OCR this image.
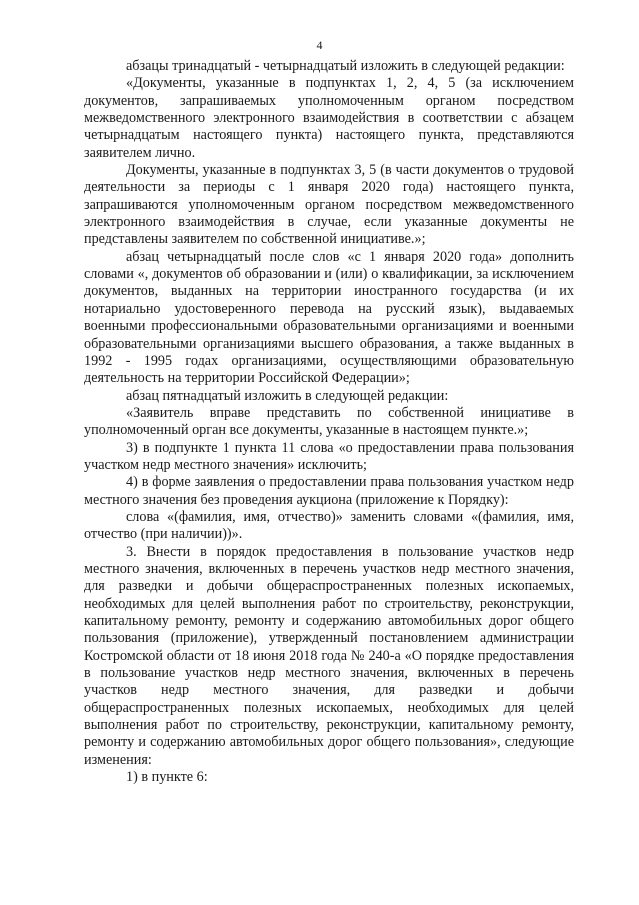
4

абзацы тринадцатый - четырнадцатый изложить в следующей редакции:

«Документы, указанные в подпунктах 1, 2, 4, 5 (за исключением документов, запрашиваемых уполномоченным органом посредством межведомственного электронного взаимодействия в соответствии с абзацем четырнадцатым настоящего пункта) настоящего пункта, представляются заявителем лично.

Документы, указанные в подпунктах 3, 5 (в части документов о трудовой деятельности за периоды с 1 января 2020 года) настоящего пункта, запрашиваются уполномоченным органом посредством межведомственного электронного взаимодействия в случае, если указанные документы не представлены заявителем по собственной инициативе.»;

абзац четырнадцатый после слов «с 1 января 2020 года» дополнить словами «, документов об образовании и (или) о квалификации, за исключением документов, выданных на территории иностранного государства (и их нотариально удостоверенного перевода на русский язык), выдаваемых военными профессиональными образовательными организациями и военными образовательными организациями высшего образования, а также выданных в 1992 - 1995 годах организациями, осуществляющими образовательную деятельность на территории Российской Федерации»;

абзац пятнадцатый изложить в следующей редакции:

«Заявитель вправе представить по собственной инициативе в уполномоченный орган все документы, указанные в настоящем пункте.»;

3) в подпункте 1 пункта 11 слова «о предоставлении права пользования участком недр местного значения» исключить;

4) в форме заявления о предоставлении права пользования участком недр местного значения без проведения аукциона (приложение к Порядку):

слова «(фамилия, имя, отчество)» заменить словами «(фамилия, имя, отчество (при наличии))».

3. Внести в порядок предоставления в пользование участков недр местного значения, включенных в перечень участков недр местного значения, для разведки и добычи общераспространенных полезных ископаемых, необходимых для целей выполнения работ по строительству, реконструкции, капитальному ремонту, ремонту и содержанию автомобильных дорог общего пользования (приложение), утвержденный постановлением администрации Костромской области от 18 июня 2018 года № 240-а «О порядке предоставления в пользование участков недр местного значения, включенных в перечень участков недр местного значения, для разведки и добычи общераспространенных полезных ископаемых, необходимых для целей выполнения работ по строительству, реконструкции, капитальному ремонту, ремонту и содержанию автомобильных дорог общего пользования», следующие изменения:

1) в пункте 6:
